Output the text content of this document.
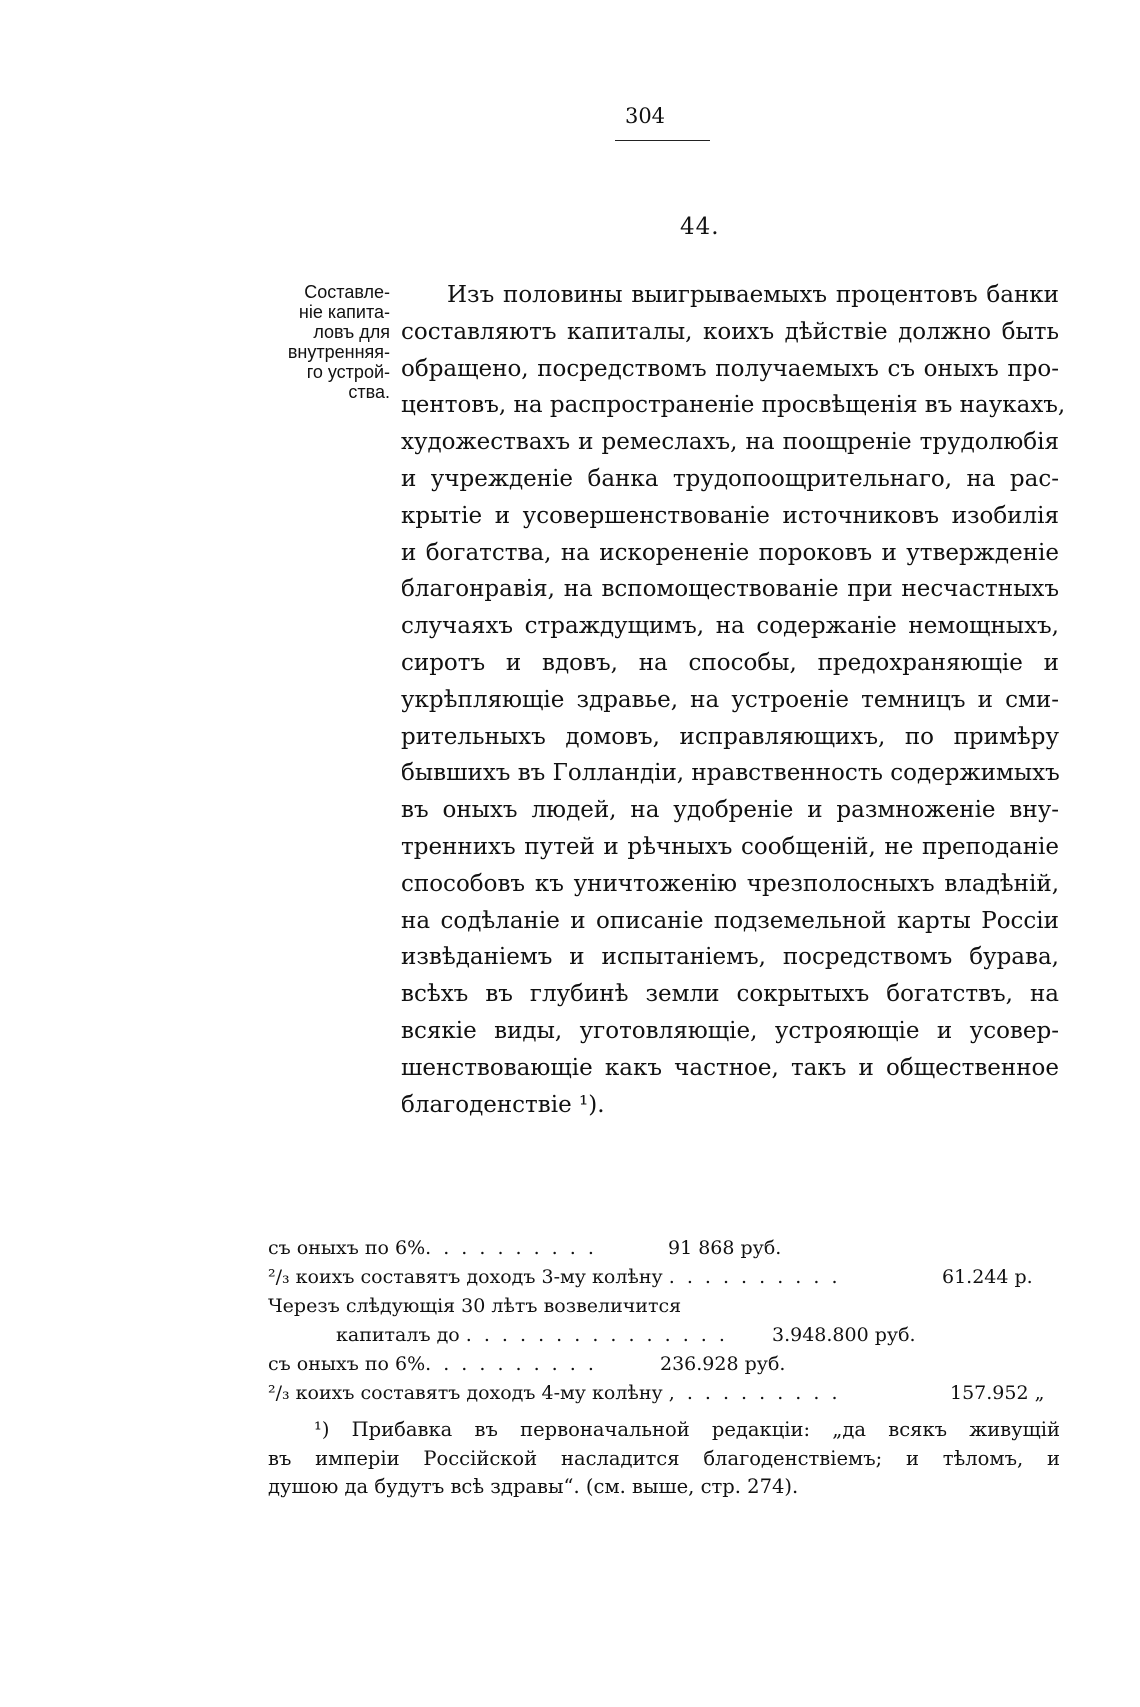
304
44.
Составле-
ніе капита-
ловъ для
внутренняя-
го устрой-
ства.
Изъ половины выигрываемыхъ процентовъ банки
составляютъ капиталы, коихъ дѣйствіе должно быть
обращено, посредствомъ получаемыхъ съ оныхъ про-
центовъ, на распространеніе просвѣщенія въ наукахъ,
художествахъ и ремеслахъ, на поощреніе трудолюбія
и учрежденіе банка трудопоощрительнаго, на рас-
крытіе и усовершенствованіе источниковъ изобилія
и богатства, на искорененіе пороковъ и утвержденіе
благонравія, на вспомоществованіе при несчастныхъ
случаяхъ страждущимъ, на содержаніе немощныхъ,
сиротъ и вдовъ, на способы, предохраняющіе и
укрѣпляющіе здравье, на устроеніе темницъ и сми-
рительныхъ домовъ, исправляющихъ, по примѣру
бывшихъ въ Голландіи, нравственность содержимыхъ
въ оныхъ людей, на удобреніе и размноженіе вну-
треннихъ путей и рѣчныхъ сообщеній, не преподаніе
способовъ къ уничтоженію чрезполосныхъ владѣній,
на содѣланіе и описаніе подземельной карты Россіи
извѣданіемъ и испытаніемъ, посредствомъ бурава,
всѣхъ въ глубинѣ земли сокрытыхъ богатствъ, на
всякіе виды, уготовляющіе, устрояющіе и усовер-
шенствовающіе какъ частное, такъ и общественное
благоденствіе ¹).
съ оныхъ по 6%. . . . . . . . . .	91 868 руб.
²/₃ коихъ составятъ доходъ 3-му колѣну . . . . . . . . . .	61.244 р.
Черезъ слѣдующія 30 лѣтъ возвеличится
капиталъ до . . . . . . . . . . . . . . . 3.948.800 руб.
съ оныхъ по 6%. . . . . . . . . .	236.928 руб.
²/₃ коихъ составятъ доходъ 4-му колѣну , . . . . . . . . .	157.952 „
¹) Прибавка въ первоначальной редакціи: „да всякъ живущій
въ имперіи Россійской насладится благоденствіемъ; и тѣломъ, и
душою да будутъ всѣ здравы“. (см. выше, стр. 274).
